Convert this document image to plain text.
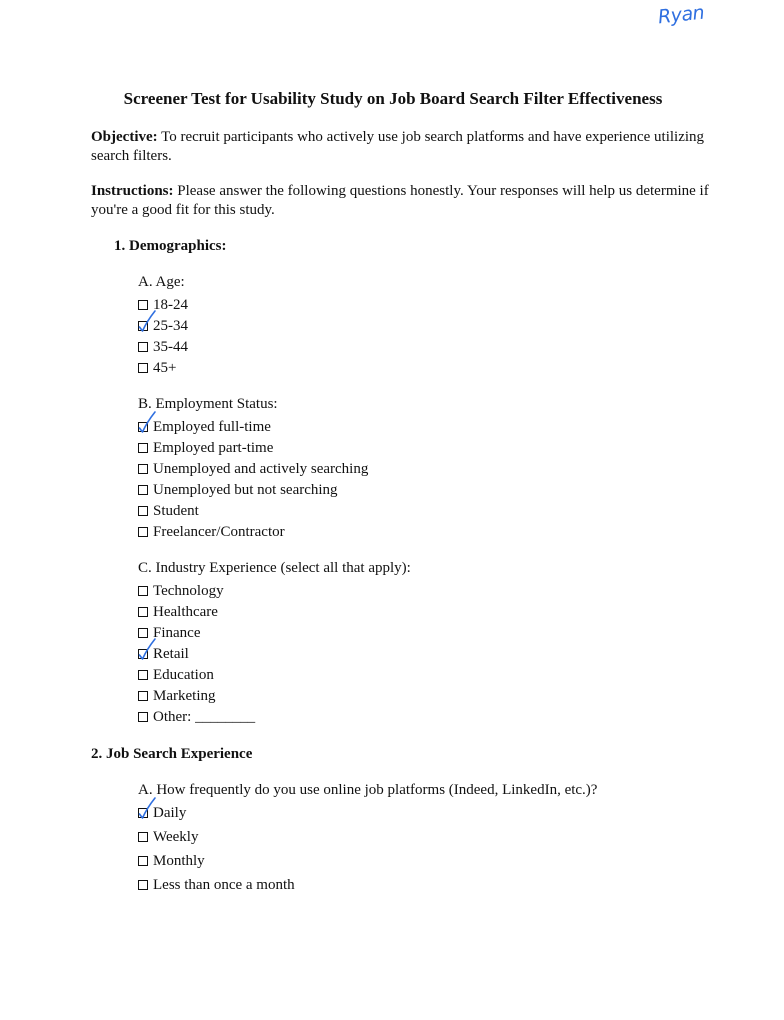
Ryan
Screener Test for Usability Study on Job Board Search Filter Effectiveness

Objective: To recruit participants who actively use job search platforms and have experience utilizing search filters.

Instructions: Please answer the following questions honestly. Your responses will help us determine if you're a good fit for this study.

1. Demographics:
A. Age:
18-24
25-34
35-44
45+
B. Employment Status:
Employed full-time
Employed part-time
Unemployed and actively searching
Unemployed but not searching
Student
Freelancer/Contractor
C. Industry Experience (select all that apply):
Technology
Healthcare
Finance
Retail
Education
Marketing
Other: ________
2. Job Search Experience
A. How frequently do you use online job platforms (Indeed, LinkedIn, etc.)?
Daily
Weekly
Monthly
Less than once a month
